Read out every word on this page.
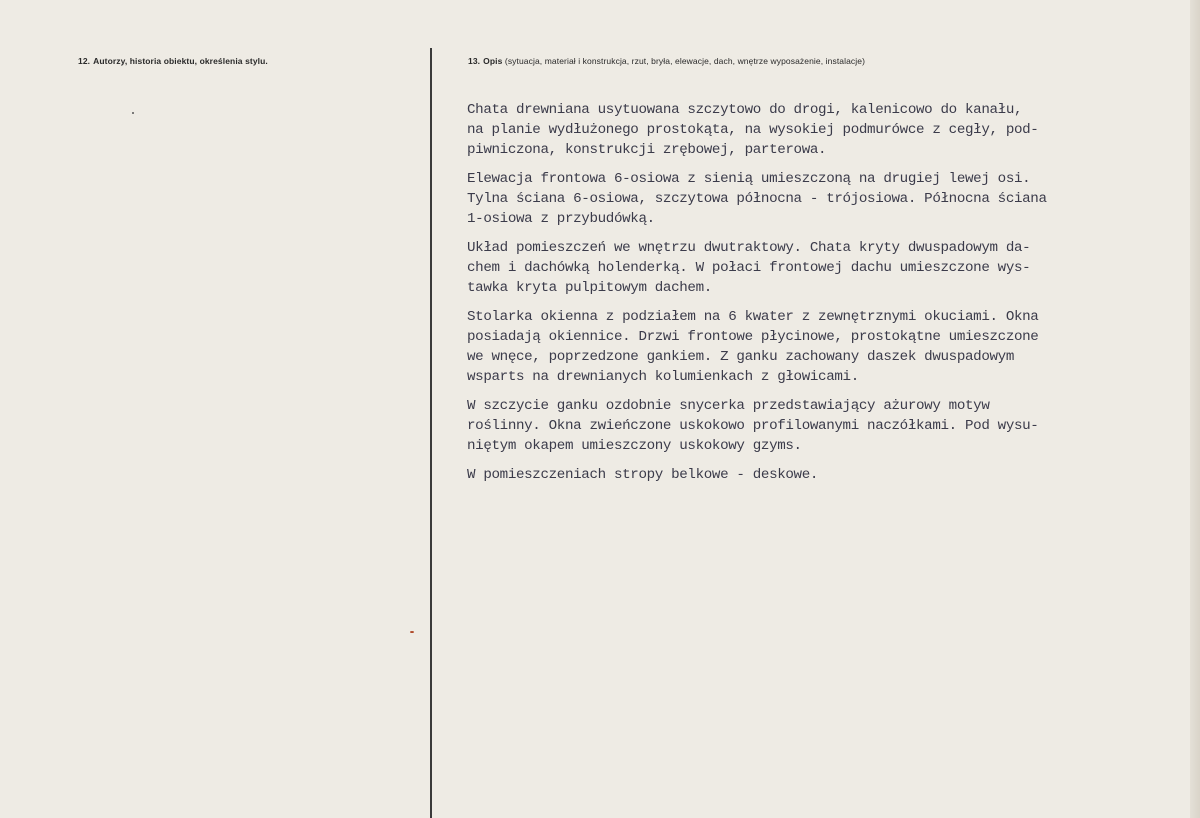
12. Autorzy, historia obiektu, określenia stylu.	13. Opis (sytuacja, materiał i konstrukcja, rzut, bryła, elewacje, dach, wnętrze wyposażenie, instalacje)
Chata drewniana usytuowana szczytowo do drogi, kalenicowo do kanału,
na planie wydłużonego prostokąta, na wysokiej podmurówce z cegły, pod-
piwniczona, konstrukcji zrębowej, parterowa.
Elewacja frontowa 6-osiowa z sienią umieszczoną na drugiej lewej osi.
Tylna ściana 6-osiowa, szczytowa północna - trójosiowa. Północna ściana
1-osiowa z przybudówką.
Układ pomieszczeń we wnętrzu dwutraktowy. Chata kryty dwuspadowym da-
chem i dachówką holenderką. W połaci frontowej dachu umieszczone wys-
tawka kryta pulpitowym dachem.
Stolarka okienna z podziałem na 6 kwater z zewnętrznymi okuciami. Okna
posiadają okiennice. Drzwi frontowe płycinowe, prostokątne umieszczone
we wnęce, poprzedzone gankiem. Z ganku zachowany daszek dwuspadowym
wsparts na drewnianych kolumienkach z głowicami.
W szczycie ganku ozdobnie snycerka przedstawiający ażurowy motyw
roślinny. Okna zwieńczone uskokowo profilowanymi naczółkami. Pod wysu-
niętym okapem umieszczony uskokowy gzyms.
W pomieszczeniach stropy belkowe - deskowe.
